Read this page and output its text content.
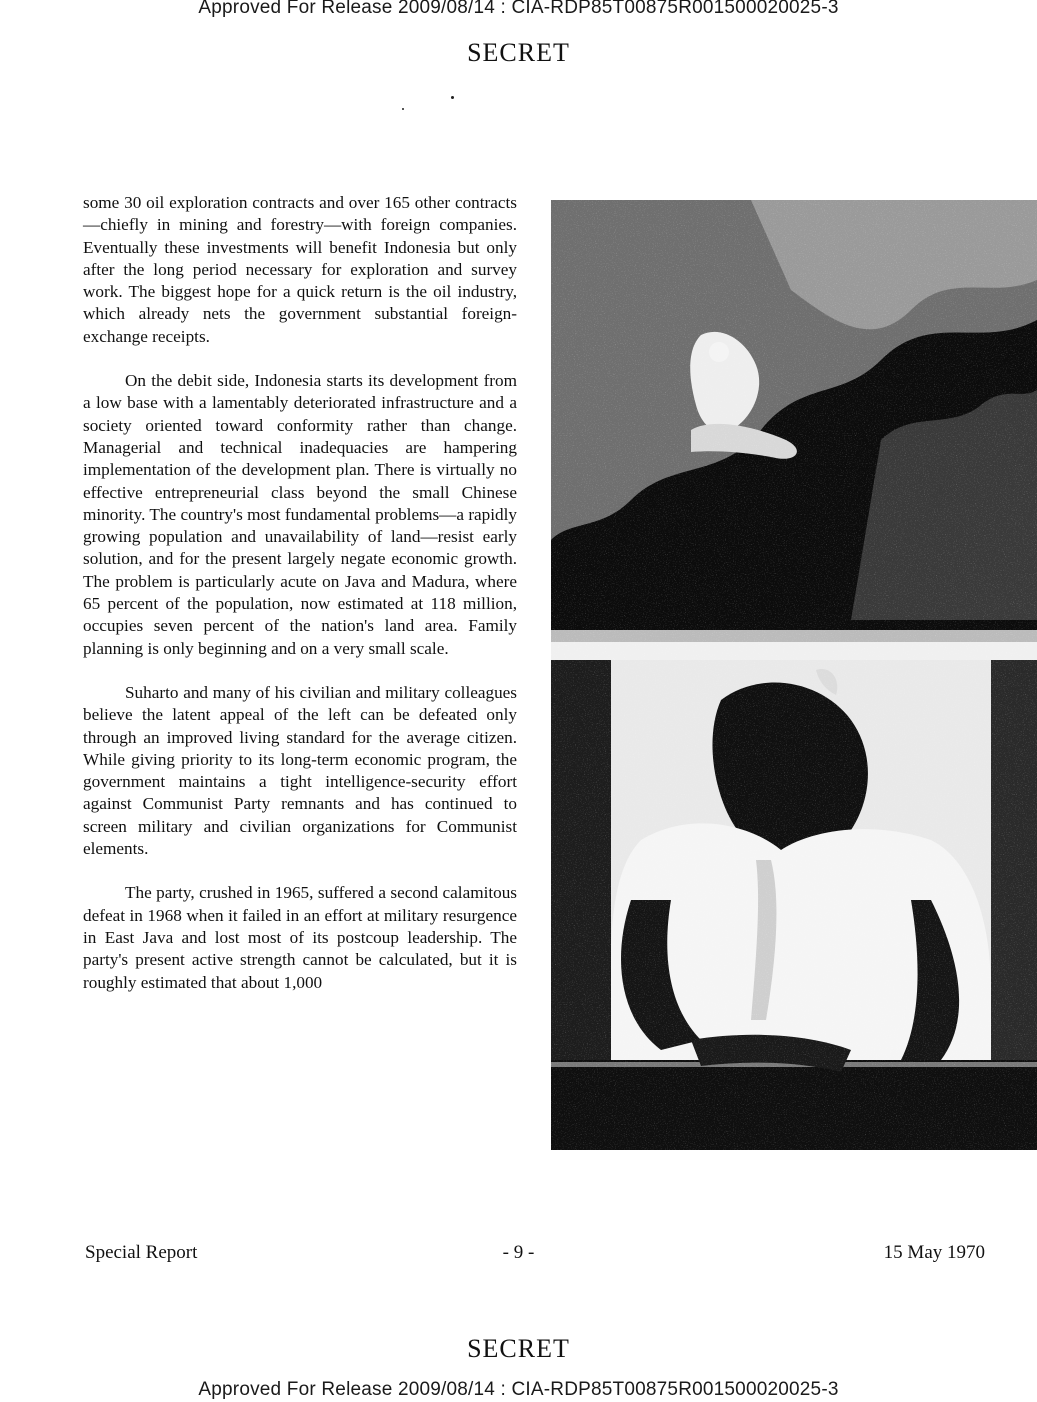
Approved For Release 2009/08/14 : CIA-RDP85T00875R001500020025-3
SECRET

some 30 oil exploration contracts and over 165 other contracts—chiefly in mining and forestry—with foreign companies. Eventually these investments will benefit Indonesia but only after the long period necessary for exploration and survey work. The biggest hope for a quick return is the oil industry, which already nets the government substantial foreign-exchange receipts.

On the debit side, Indonesia starts its development from a low base with a lamentably deteriorated infrastructure and a society oriented toward conformity rather than change. Managerial and technical inadequacies are hampering implementation of the development plan. There is virtually no effective entrepreneurial class beyond the small Chinese minority. The country's most fundamental problems—a rapidly growing population and unavailability of land—resist early solution, and for the present largely negate economic growth. The problem is particularly acute on Java and Madura, where 65 percent of the population, now estimated at 118 million, occupies seven percent of the nation's land area. Family planning is only beginning and on a very small scale.

Suharto and many of his civilian and military colleagues believe the latent appeal of the left can be defeated only through an improved living standard for the average citizen. While giving priority to its long-term economic program, the government maintains a tight intelligence-security effort against Communist Party remnants and has continued to screen military and civilian organizations for Communist elements.

The party, crushed in 1965, suffered a second calamitous defeat in 1968 when it failed in an effort at military resurgence in East Java and lost most of its postcoup leadership. The party's present active strength cannot be calculated, but it is roughly estimated that about 1,000

Special Report	- 9 -	15 May 1970
SECRET
Approved For Release 2009/08/14 : CIA-RDP85T00875R001500020025-3
